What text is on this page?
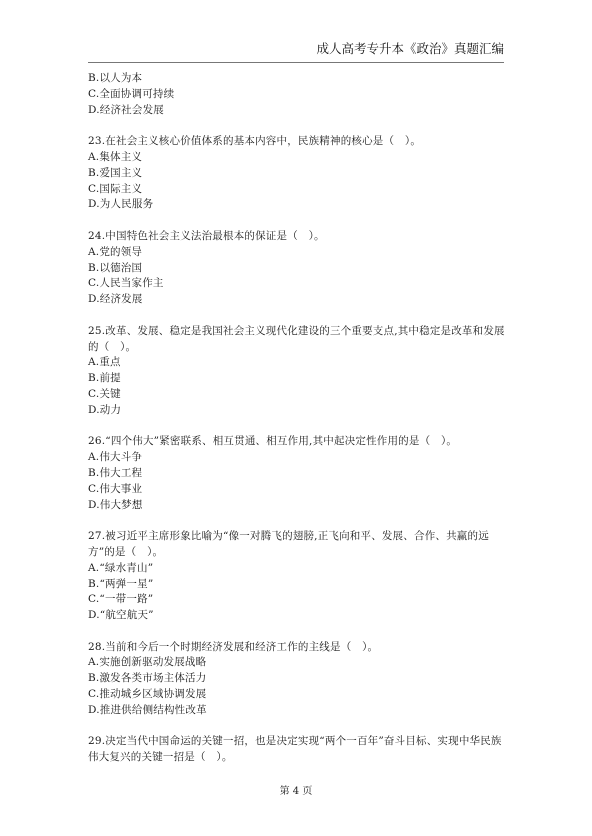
成人高考专升本《政治》真题汇编
B.以人为本
C.全面协调可持续
D.经济社会发展
23.在社会主义核心价值体系的基本内容中，民族精神的核心是（　）。
A.集体主义
B.爱国主义
C.国际主义
D.为人民服务
24.中国特色社会主义法治最根本的保证是（　）。
A.党的领导
B.以德治国
C.人民当家作主
D.经济发展
25.改革、发展、稳定是我国社会主义现代化建设的三个重要支点,其中稳定是改革和发展的（　）。
A.重点
B.前提
C.关键
D.动力
26.“四个伟大”紧密联系、相互贯通、相互作用,其中起决定性作用的是（　）。
A.伟大斗争
B.伟大工程
C.伟大事业
D.伟大梦想
27.被习近平主席形象比喻为“像一对腾飞的翅膀,正飞向和平、发展、合作、共赢的远方”的是（　）。
A.“绿水青山”
B.“两弹一星”
C.“一带一路”
D.“航空航天”
28.当前和今后一个时期经济发展和经济工作的主线是（　）。
A.实施创新驱动发展战略
B.激发各类市场主体活力
C.推动城乡区域协调发展
D.推进供给侧结构性改革
29.决定当代中国命运的关键一招，也是决定实现“两个一百年”奋斗目标、实现中华民族伟大复兴的关键一招是（　）。
第 4 页
